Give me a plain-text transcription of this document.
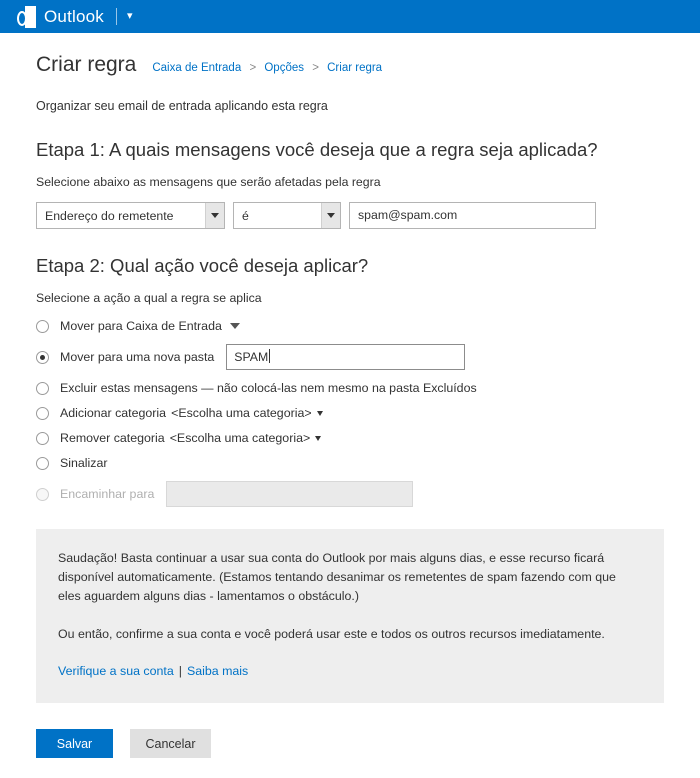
Outlook ▾
Criar regra Caixa de Entrada > Opções > Criar regra
Organizar seu email de entrada aplicando esta regra
Etapa 1: A quais mensagens você deseja que a regra seja aplicada?
Selecione abaixo as mensagens que serão afetadas pela regra
Endereço do remetente	é	spam@spam.com
Etapa 2: Qual ação você deseja aplicar?
Selecione a ação a qual a regra se aplica
Mover para Caixa de Entrada
Mover para uma nova pasta	SPAM
Excluir estas mensagens — não colocá-las nem mesmo na pasta Excluídos
Adicionar categoria <Escolha uma categoria>
Remover categoria <Escolha uma categoria>
Sinalizar
Encaminhar para

Saudação! Basta continuar a usar sua conta do Outlook por mais alguns dias, e esse recurso ficará disponível automaticamente. (Estamos tentando desanimar os remetentes de spam fazendo com que eles aguardem alguns dias - lamentamos o obstáculo.)

Ou então, confirme a sua conta e você poderá usar este e todos os outros recursos imediatamente.

Verifique a sua conta | Saiba mais

Salvar	Cancelar
